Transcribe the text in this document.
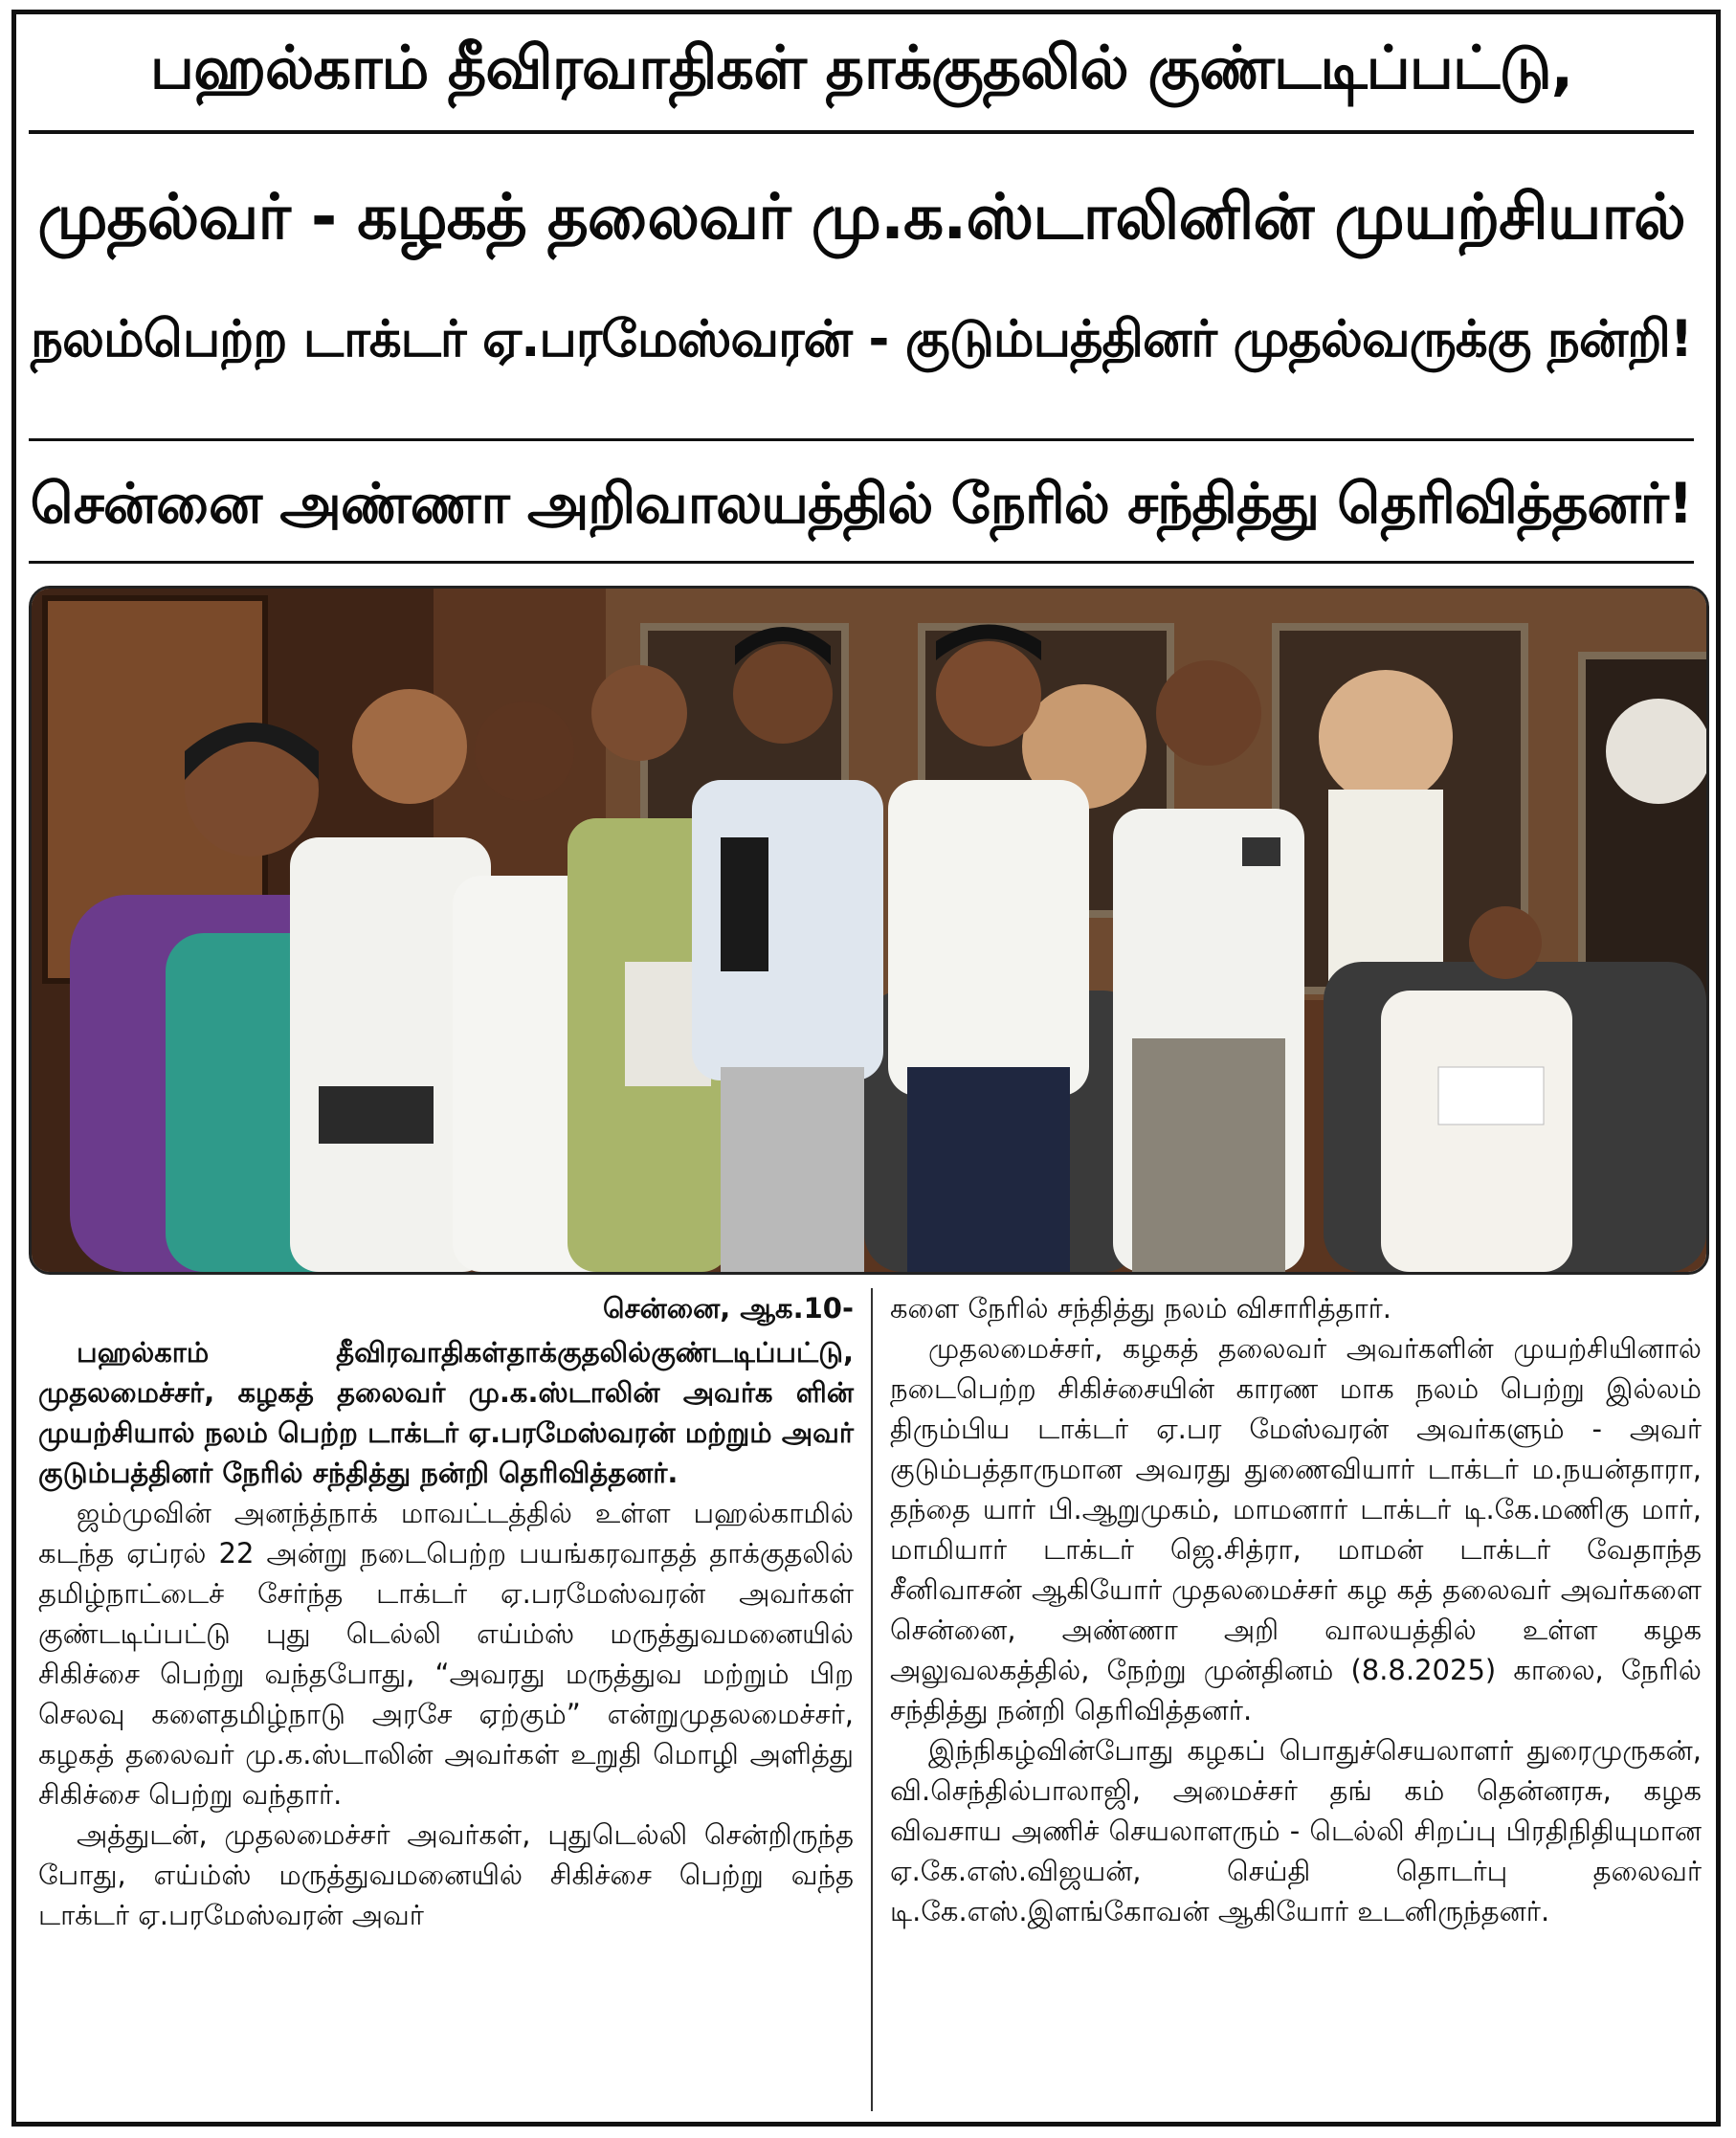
பஹல்காம் தீவிரவாதிகள் தாக்குதலில் குண்டடிப்பட்டு,
முதல்வர் - கழகத் தலைவர் மு.க.ஸ்டாலினின் முயற்சியால்
நலம்பெற்ற டாக்டர் ஏ.பரமேஸ்வரன் - குடும்பத்தினர் முதல்வருக்கு நன்றி!
சென்னை அண்ணா அறிவாலயத்தில் நேரில் சந்தித்து தெரிவித்தனர்!

சென்னை, ஆக.10-

பஹல்காம் தீவிரவாதிகள்தாக்குதலில்குண்டடிப்பட்டு, முதலமைச்சர், கழகத் தலைவர் மு.க.ஸ்டாலின் அவர்க ளின் முயற்சியால் நலம் பெற்ற டாக்டர் ஏ.பரமேஸ்வரன் மற்றும் அவர் குடும்பத்தினர் நேரில் சந்தித்து நன்றி தெரிவித்தனர்.

ஜம்முவின் அனந்த்நாக் மாவட்டத்தில் உள்ள பஹல்காமில் கடந்த ஏப்ரல் 22 அன்று நடைபெற்ற பயங்கரவாதத் தாக்குதலில் தமிழ்நாட்டைச் சேர்ந்த டாக்டர் ஏ.பரமேஸ்வரன் அவர்கள் குண்டடிப்பட்டு புது டெல்லி எய்ம்ஸ் மருத்துவமனையில் சிகிச்சை பெற்று வந்தபோது, “அவரது மருத்துவ மற்றும் பிற செலவு களைதமிழ்நாடு அரசே ஏற்கும்” என்றுமுதலமைச்சர், கழகத் தலைவர் மு.க.ஸ்டாலின் அவர்கள் உறுதி மொழி அளித்து சிகிச்சை பெற்று வந்தார்.

அத்துடன், முதலமைச்சர் அவர்கள், புதுடெல்லி சென்றிருந்த போது, எய்ம்ஸ் மருத்துவமனையில் சிகிச்சை பெற்று வந்த டாக்டர் ஏ.பரமேஸ்வரன் அவர்

களை நேரில் சந்தித்து நலம் விசாரித்தார்.

முதலமைச்சர், கழகத் தலைவர் அவர்களின் முயற்சியினால் நடைபெற்ற சிகிச்சையின் காரண மாக நலம் பெற்று இல்லம் திரும்பிய டாக்டர் ஏ.பர மேஸ்வரன் அவர்களும் - அவர் குடும்பத்தாருமான அவரது துணைவியார் டாக்டர் ம.நயன்தாரா, தந்தை யார் பி.ஆறுமுகம், மாமனார் டாக்டர் டி.கே.மணிகு மார், மாமியார் டாக்டர் ஜெ.சித்ரா, மாமன் டாக்டர் வேதாந்த சீனிவாசன் ஆகியோர் முதலமைச்சர் கழ கத் தலைவர் அவர்களை சென்னை, அண்ணா அறி வாலயத்தில் உள்ள கழக அலுவலகத்தில், நேற்று முன்தினம் (8.8.2025) காலை, நேரில் சந்தித்து நன்றி தெரிவித்தனர்.

இந்நிகழ்வின்போது கழகப் பொதுச்செயலாளர் துரைமுருகன், வி.செந்தில்பாலாஜி, அமைச்சர் தங் கம் தென்னரசு, கழக விவசாய அணிச் செயலாளரும் - டெல்லி சிறப்பு பிரதிநிதியுமான ஏ.கே.எஸ்.விஜயன், செய்தி தொடர்பு தலைவர் டி.கே.எஸ்.இளங்கோவன் ஆகியோர் உடனிருந்தனர்.
